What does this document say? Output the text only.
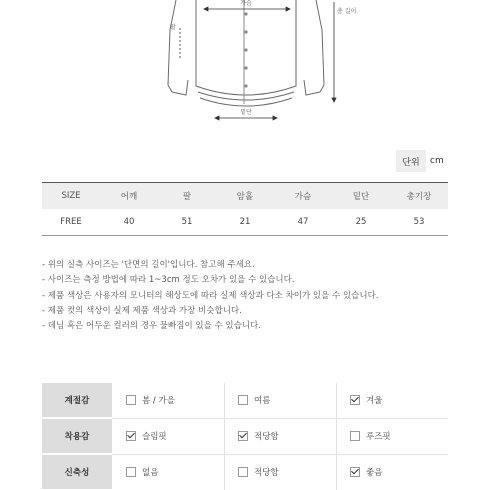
가슴
총 길이
팔
밑단
단위	cm
SIZE	어깨	팔	암홀	가슴	밑단	총기장
FREE	40	51	21	47	25	53
- 위의 실측 사이즈는 '단면의 길이'입니다. 참고해 주세요.
- 사이즈는 측정 방법에 따라 1~3cm 정도 오차가 있을 수 있습니다.
- 제품 색상은 사용자의 모니터의 해상도에 따라 실제 색상과 다소 차이가 있을 수 있습니다.
- 제품 컷의 색상이 실제 제품 색상과 가장 비슷합니다.
- 데님 혹은 어두운 컬러의 경우 물빠짐이 있을 수 있습니다.
계절감	봄 / 가을	여름	겨울
착용감	슬림핏	적당함	루즈핏
신축성	없음	적당함	좋음
